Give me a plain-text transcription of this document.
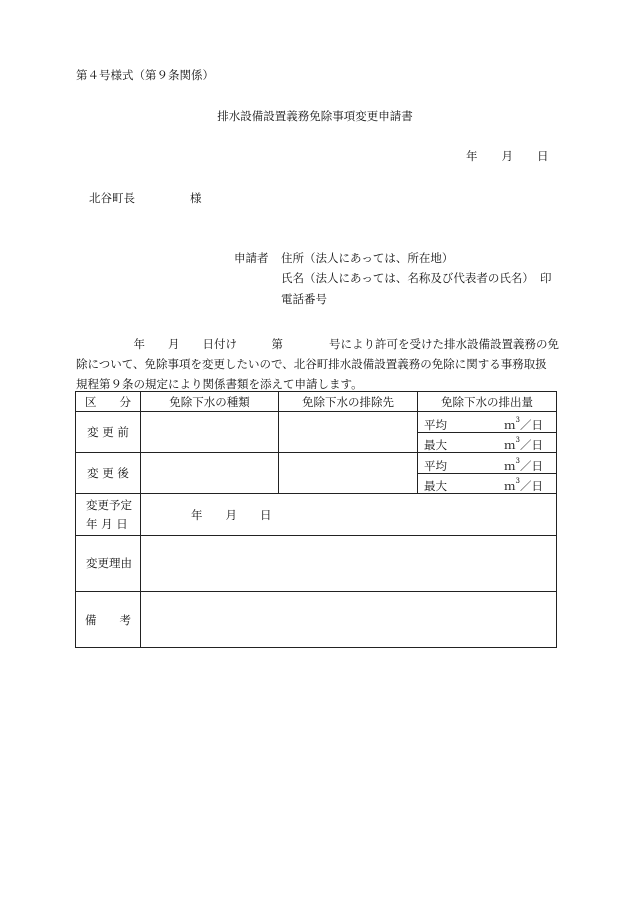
第４号様式（第９条関係）
排水設備設置義務免除事項変更申請書
年 月 日
北谷町長	様
申請者 住所（法人にあっては、所在地）
氏名（法人にあっては、名称及び代表者の氏名） 印
電話番号
　　　　　年　　月　　日付け　　　第　　　　号により許可を受けた排水設備設置義務の免
除について、免除事項を変更したいので、北谷町排水設備設置義務の免除に関する事務取扱
規程第９条の規定により関係書類を添えて申請します。
区　　分	免除下水の種類	免除下水の排除先	免除下水の排出量
変 更 前			平均 ｍ$^3$／日
最大 ｍ$^3$／日

変 更 後			平均 ｍ$^3$／日
最大 ｍ$^3$／日

変更予定
年 月 日	年　　月　　日		
変更理由			
備　　考			
